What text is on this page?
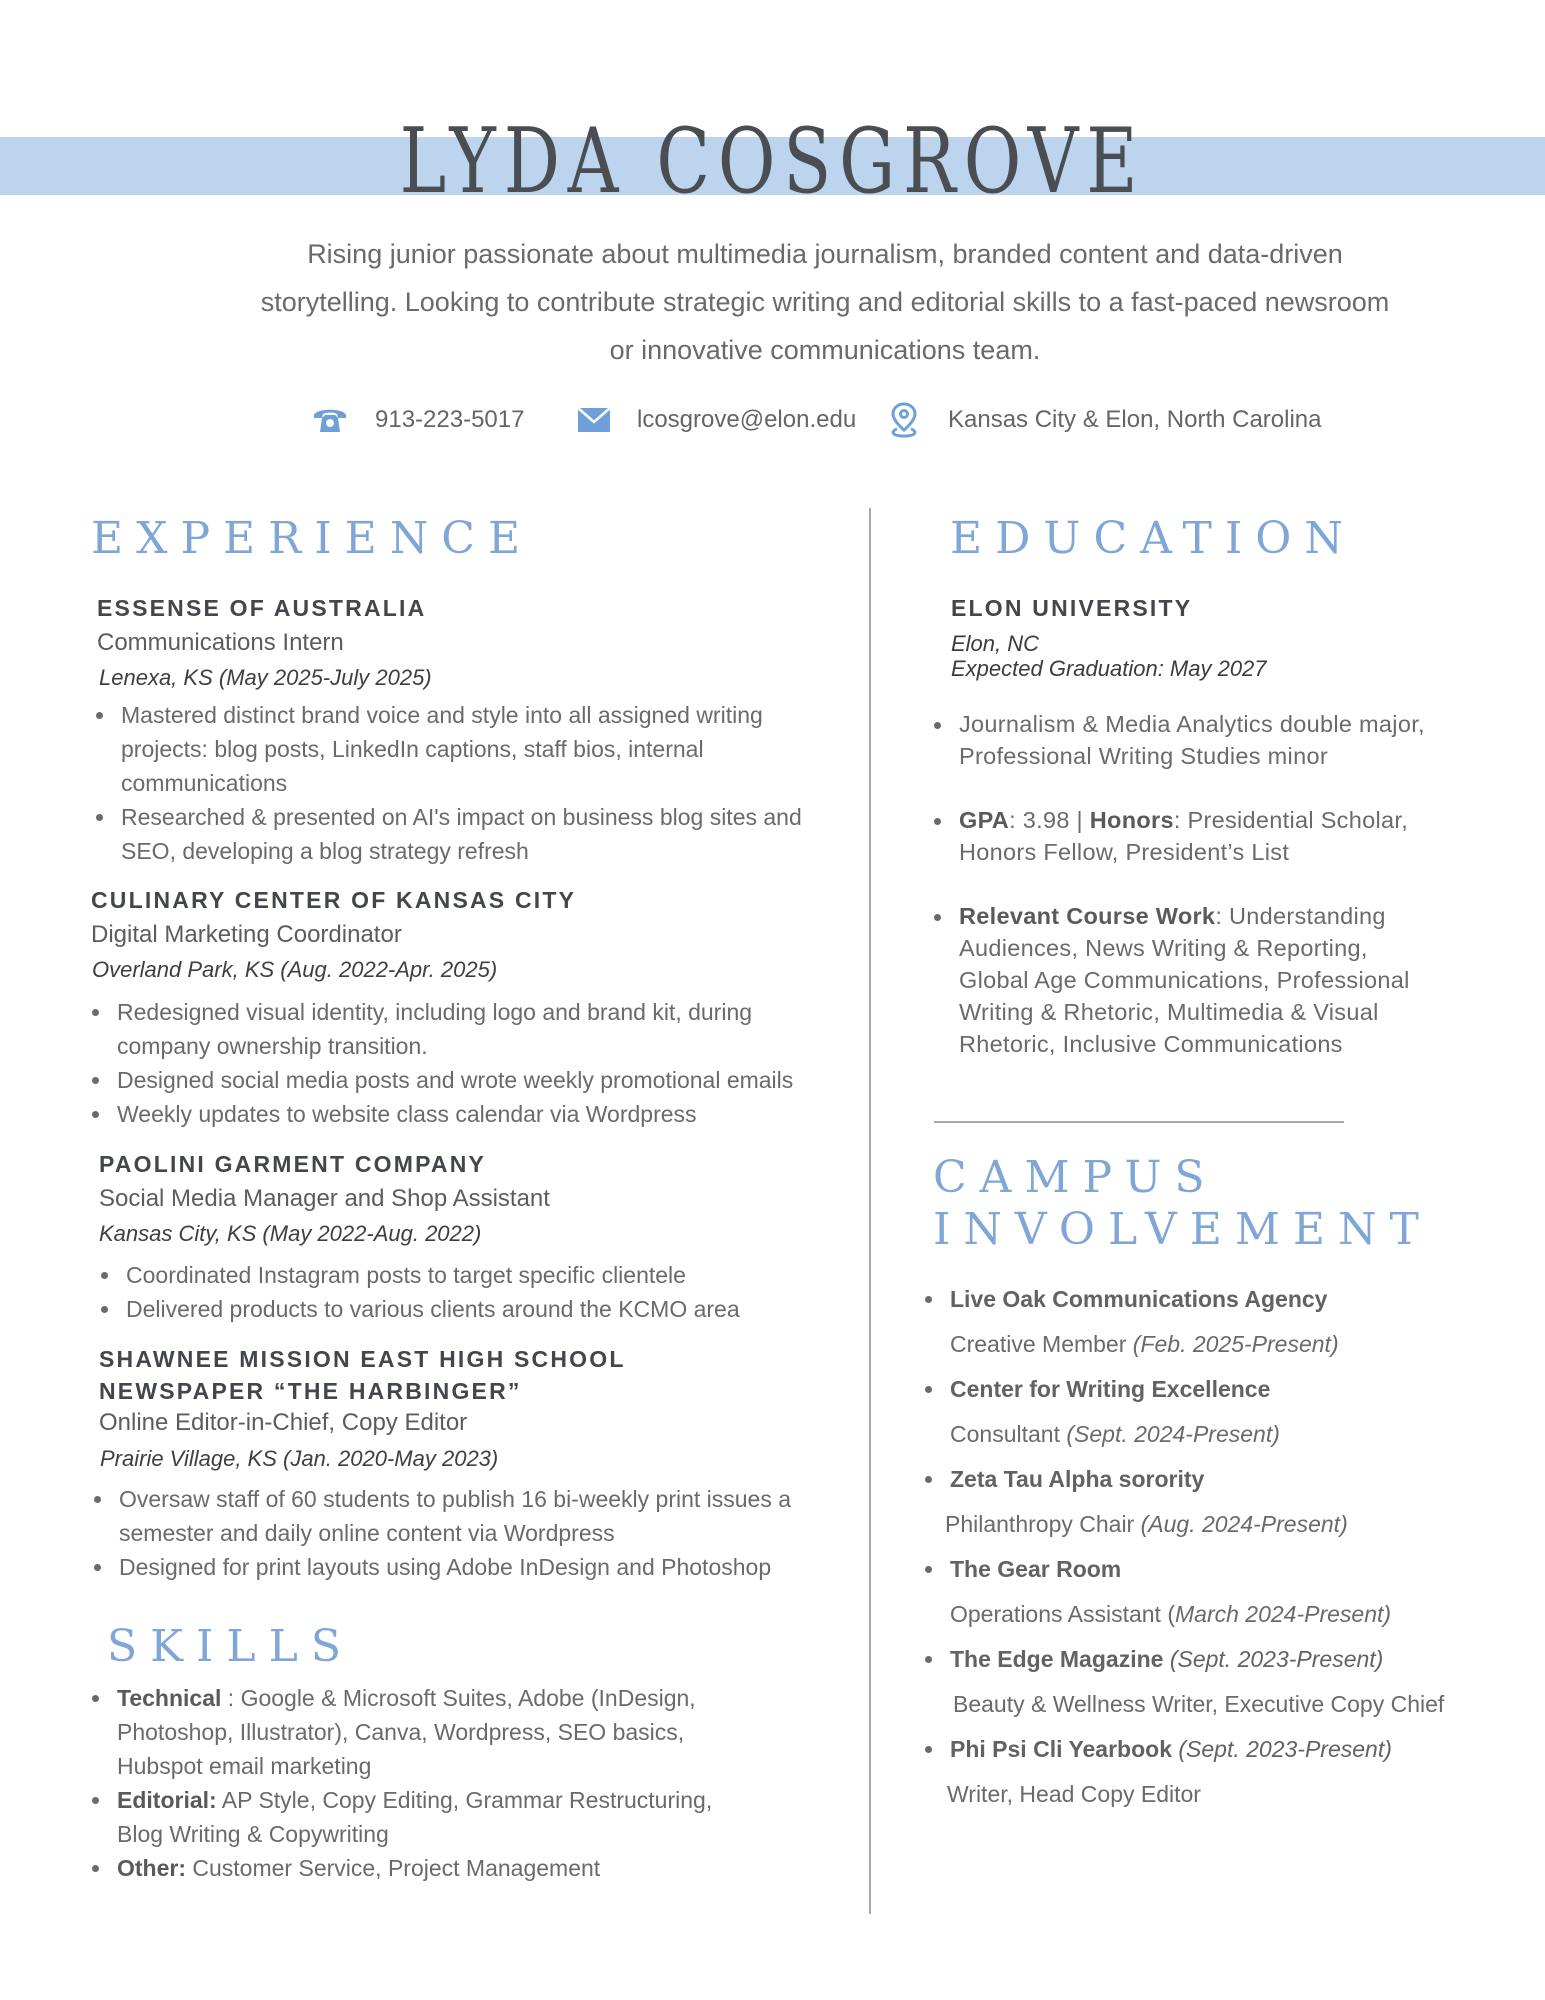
LYDA COSGROVE

Rising junior passionate about multimedia journalism, branded content and data-driven storytelling. Looking to contribute strategic writing and editorial skills to a fast-paced newsroom or innovative communications team.

913-223-5017	lcosgrove@elon.edu	Kansas City & Elon, North Carolina
EXPERIENCE
ESSENSE OF AUSTRALIA
Communications Intern
Lenexa, KS (May 2025-July 2025)
Mastered distinct brand voice and style into all assigned writing projects: blog posts, LinkedIn captions, staff bios, internal communications
Researched & presented on AI's impact on business blog sites and SEO, developing a blog strategy refresh
CULINARY CENTER OF KANSAS CITY
Digital Marketing Coordinator
Overland Park, KS (Aug. 2022-Apr. 2025)
Redesigned visual identity, including logo and brand kit, during company ownership transition.
Designed social media posts and wrote weekly promotional emails
Weekly updates to website class calendar via Wordpress
PAOLINI GARMENT COMPANY
Social Media Manager and Shop Assistant
Kansas City, KS (May 2022-Aug. 2022)
Coordinated Instagram posts to target specific clientele
Delivered products to various clients around the KCMO area
SHAWNEE MISSION EAST HIGH SCHOOL
NEWSPAPER “THE HARBINGER”
Online Editor-in-Chief, Copy Editor
Prairie Village, KS (Jan. 2020-May 2023)
Oversaw staff of 60 students to publish 16 bi-weekly print issues a semester and daily online content via Wordpress
Designed for print layouts using Adobe InDesign and Photoshop
SKILLS
Technical : Google & Microsoft Suites, Adobe (InDesign, Photoshop, Illustrator), Canva, Wordpress, SEO basics, Hubspot email marketing
Editorial: AP Style, Copy Editing, Grammar Restructuring, Blog Writing & Copywriting
Other: Customer Service, Project Management
EDUCATION
ELON UNIVERSITY
Elon, NC
Expected Graduation: May 2027
Journalism & Media Analytics double major, Professional Writing Studies minor
GPA: 3.98 | Honors: Presidential Scholar, Honors Fellow, President’s List
Relevant Course Work: Understanding Audiences, News Writing & Reporting, Global Age Communications, Professional Writing & Rhetoric, Multimedia & Visual Rhetoric, Inclusive Communications
CAMPUS
INVOLVEMENT
Live Oak Communications Agency
Creative Member (Feb. 2025-Present)
Center for Writing Excellence
Consultant (Sept. 2024-Present)
Zeta Tau Alpha sorority
Philanthropy Chair (Aug. 2024-Present)
The Gear Room
Operations Assistant (March 2024-Present)
The Edge Magazine (Sept. 2023-Present)
Beauty & Wellness Writer, Executive Copy Chief
Phi Psi Cli Yearbook (Sept. 2023-Present)
Writer, Head Copy Editor
